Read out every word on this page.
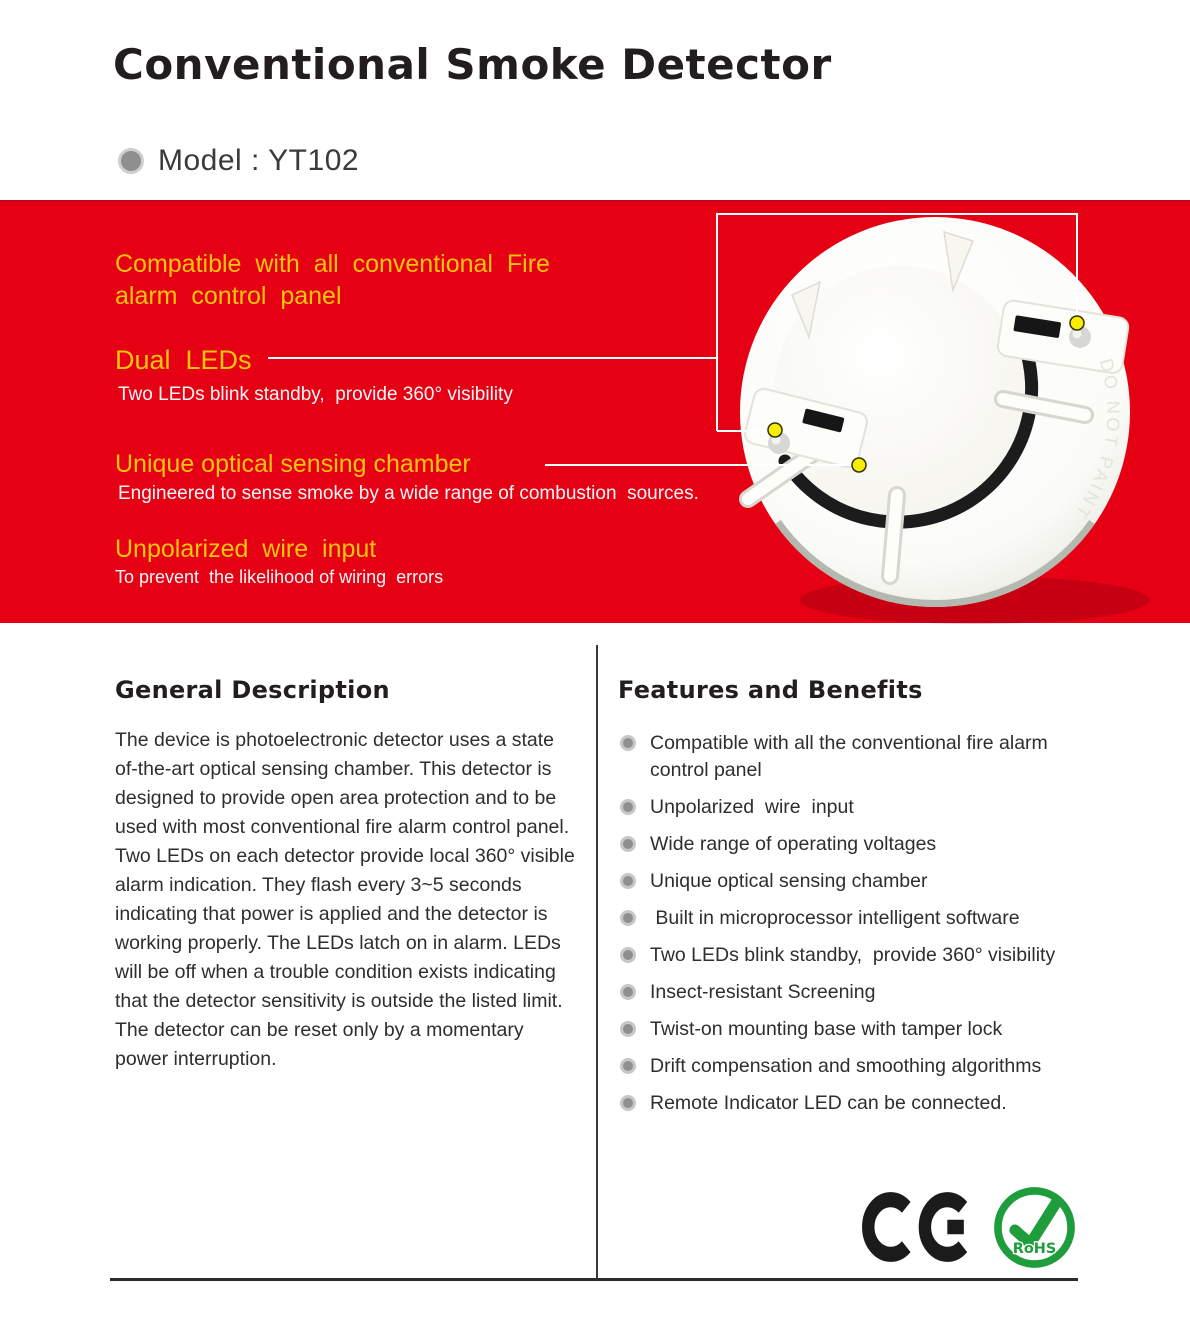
Conventional Smoke Detector
Model : YT102
DO NOT PAINT
Compatible  with  all  conventional  Fire
alarm  control  panel
Dual  LEDs
Two LEDs blink standby,  provide 360° visibility
Unique optical sensing chamber
Engineered to sense smoke by a wide range of combustion  sources.
Unpolarized  wire  input
To prevent  the likelihood of wiring  errors
General Description

The device is photoelectronic detector uses a state of-the-art optical sensing chamber. This detector is designed to provide open area protection and to be used with most conventional fire alarm control panel.

Two LEDs on each detector provide local 360° visible alarm indication. They flash every 3~5 seconds indicating that power is applied and the detector is working properly. The LEDs latch on in alarm. LEDs will be off when a trouble condition exists indicating that the detector sensitivity is outside the listed limit. The detector can be reset only by a momentary power interruption.

Features and Benefits
Compatible with all the conventional fire alarm control panel
Unpolarized  wire  input
Wide range of operating voltages
Unique optical sensing chamber
Built in microprocessor intelligent software
Two LEDs blink standby,  provide 360° visibility
Insect-resistant Screening
Twist-on mounting base with tamper lock
Drift compensation and smoothing algorithms
Remote Indicator LED can be connected.
RoHS
